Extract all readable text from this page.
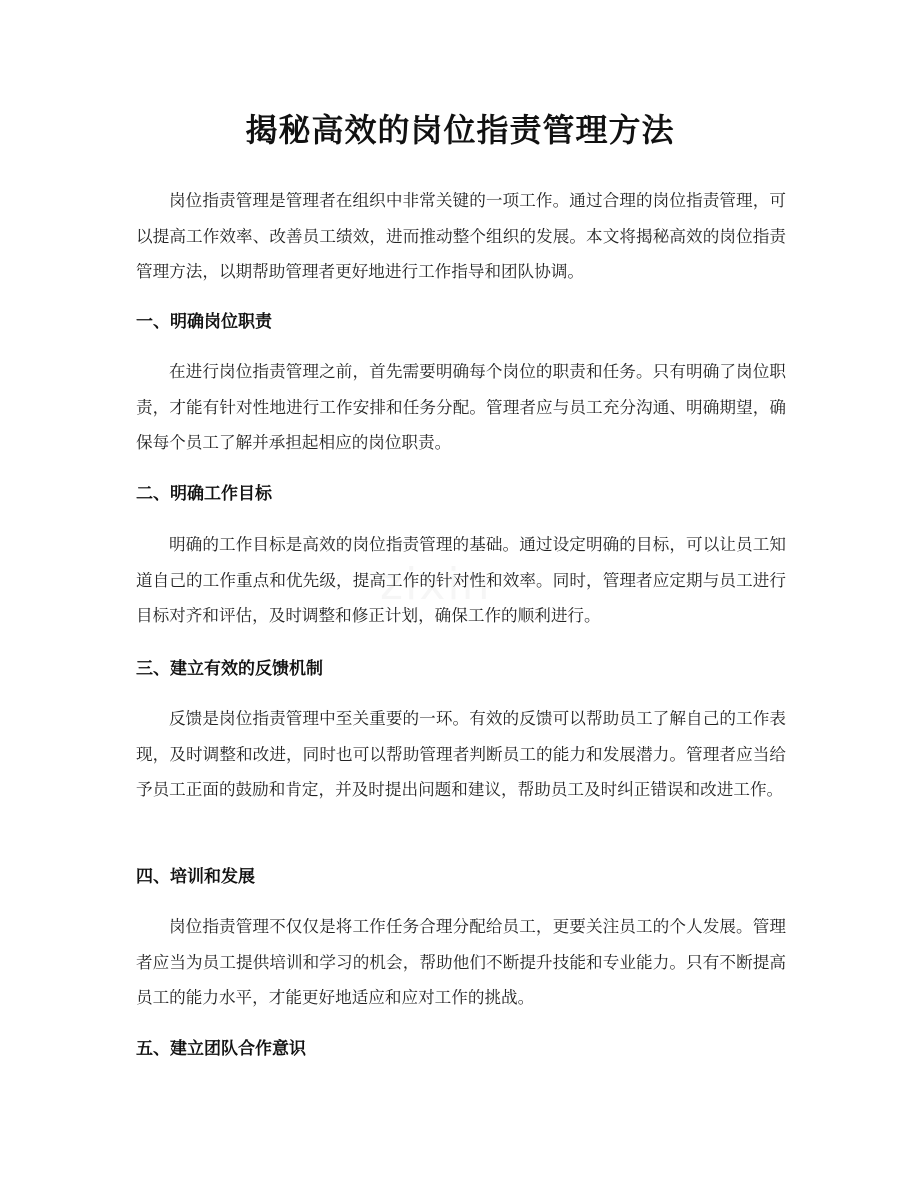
揭秘高效的岗位指责管理方法

岗位指责管理是管理者在组织中非常关键的一项工作。通过合理的岗位指责管理，可以提高工作效率、改善员工绩效，进而推动整个组织的发展。本文将揭秘高效的岗位指责管理方法，以期帮助管理者更好地进行工作指导和团队协调。

一、明确岗位职责

在进行岗位指责管理之前，首先需要明确每个岗位的职责和任务。只有明确了岗位职责，才能有针对性地进行工作安排和任务分配。管理者应与员工充分沟通、明确期望，确保每个员工了解并承担起相应的岗位职责。

二、明确工作目标

明确的工作目标是高效的岗位指责管理的基础。通过设定明确的目标，可以让员工知道自己的工作重点和优先级，提高工作的针对性和效率。同时，管理者应定期与员工进行目标对齐和评估，及时调整和修正计划，确保工作的顺利进行。

三、建立有效的反馈机制

反馈是岗位指责管理中至关重要的一环。有效的反馈可以帮助员工了解自己的工作表现，及时调整和改进，同时也可以帮助管理者判断员工的能力和发展潜力。管理者应当给予员工正面的鼓励和肯定，并及时提出问题和建议，帮助员工及时纠正错误和改进工作。

四、培训和发展

岗位指责管理不仅仅是将工作任务合理分配给员工，更要关注员工的个人发展。管理者应当为员工提供培训和学习的机会，帮助他们不断提升技能和专业能力。只有不断提高员工的能力水平，才能更好地适应和应对工作的挑战。

五、建立团队合作意识
